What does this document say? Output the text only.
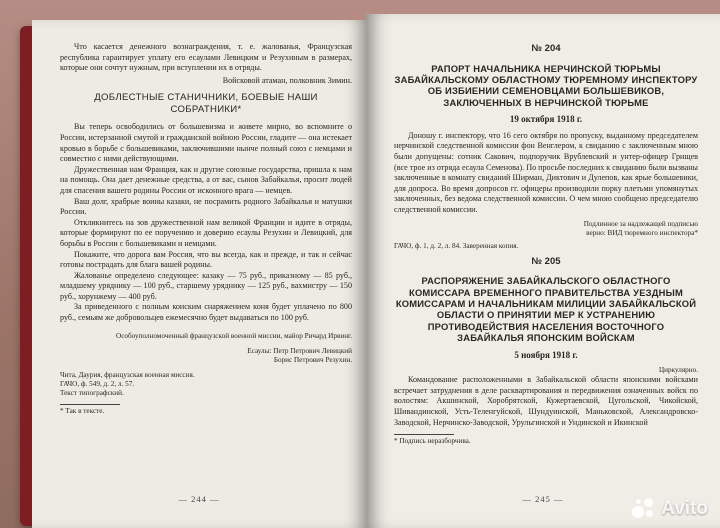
Что касается денежного вознаграждения, т. е. жалованья, Французская республика гарантирует уплату его есаулами Левицким и Резухиным в размерах, которые они сочтут нужным, при вступлении их в отряды.

Войсковой атаман, полковник Зимин.
ДОБЛЕСТНЫЕ СТАНИЧНИКИ, БОЕВЫЕ НАШИ СОБРАТНИКИ*

Вы теперь освободились от большевизма и живете мирно, во вспомните о России, истерзанной смутой и гражданской войною России, гладите — она истекает кровью в борьбе с большевиками, заключившими нынче полный союз с немцами и совместно с ними действующими.

Дружественная нам Франция, как и другие союзные государства, пришла к нам на помощь. Она дает денежные средства, а от вас, сынов Забайкалья, просит людей для спасения вашего родины России от исконного врага — немцев.

Ваш долг, храбрые воины казаки, не посрамить родного Забайкалья и матушки России.

Откликнитесь на зов дружественной нам великой Франции и идите в отряды, которые формируют по ее поручению и доверию есаулы Резухин и Левицкий, для борьбы в России с большевиками и немцами.

Покажите, что дорога вам Россия, что вы всегда, как и прежде, и так и сейчас готовы пострадать для блага вашей родины.

Жалованье определено следующее: казаку — 75 руб., приказному — 85 руб., младшему уряднику — 100 руб., старшему уряднику — 125 руб., вахмистру — 150 руб., хорунжему — 400 руб.

За приведенного с полным конским снаряжением коня будет уплачено по 800 руб., семьям же добровольцев ежемесячно будет выдаваться по 100 руб.

Особоуполномоченный французской военной миссии, майор Ричард Ирвинг.
Есаулы: Петр Петрович Левицкий
Борис Петрович Резухин.
Чита, Даурия, французская военная миссия.
ГАЧО, ф. 549, д. 2, л. 57.
Текст типографский.
* Так в тексте.
— 244 —
№ 204
РАПОРТ НАЧАЛЬНИКА НЕРЧИНСКОЙ ТЮРЬМЫ ЗАБАЙКАЛЬСКОМУ ОБЛАСТНОМУ ТЮРЕМНОМУ ИНСПЕКТОРУ ОБ ИЗБИЕНИИ СЕМЕНОВЦАМИ БОЛЬШЕВИКОВ, ЗАКЛЮЧЕННЫХ В НЕРЧИНСКОЙ ТЮРЬМЕ
19 октября 1918 г.

Доношу г. инспектору, что 16 сего октября по пропуску, выданному председателем нерчинской следственной комиссии фон Венглером, к свиданию с заключенным мною были допущены: сотник Сакович, подпоручик Врублевский и унтер-офицер Грищев (все трое из отряда есаула Семенова). По просьбе последних к свиданию были вызваны заключенные в комнату свиданий Ширман, Диктович и Дулепов, как ярые большевики, для допроса. Во время допросов гг. офицеры производили порку плетьми упомянутых заключенных, без ведома следственной комиссии. О чем мною сообщено председателю следственной комиссии.

Подлинное за надлежащей подписью
верно: ВИД тюремного инспектора*
ГАЧО, ф. 1, д. 2, л. 84. Заверенная копия.
№ 205
РАСПОРЯЖЕНИЕ ЗАБАЙКАЛЬСКОГО ОБЛАСТНОГО КОМИССАРА ВРЕМЕННОГО ПРАВИТЕЛЬСТВА УЕЗДНЫМ КОМИССАРАМ И НАЧАЛЬНИКАМ МИЛИЦИИ ЗАБАЙКАЛЬСКОЙ ОБЛАСТИ О ПРИНЯТИИ МЕР К УСТРАНЕНИЮ ПРОТИВОДЕЙСТВИЯ НАСЕЛЕНИЯ ВОСТОЧНОГО ЗАБАЙКАЛЬЯ ЯПОНСКИМ ВОЙСКАМ
5 ноября 1918 г.
Циркулярно.

Командование расположенными в Забайкальской области японскими войсками встречает затруднения в деле расквартирования и передвижения означенных войск по волостям: Акшинской, Хоробрятской, Кужертаевской, Цугольской, Чикойской, Шивандинской, Усть-Теленгуйской, Шундуинской, Маньковской, Александровско-Заводской, Нерчинско-Заводской, Урульгинской и Ундинской и Икинской

* Подпись неразборчива.
— 245 —	Avito
